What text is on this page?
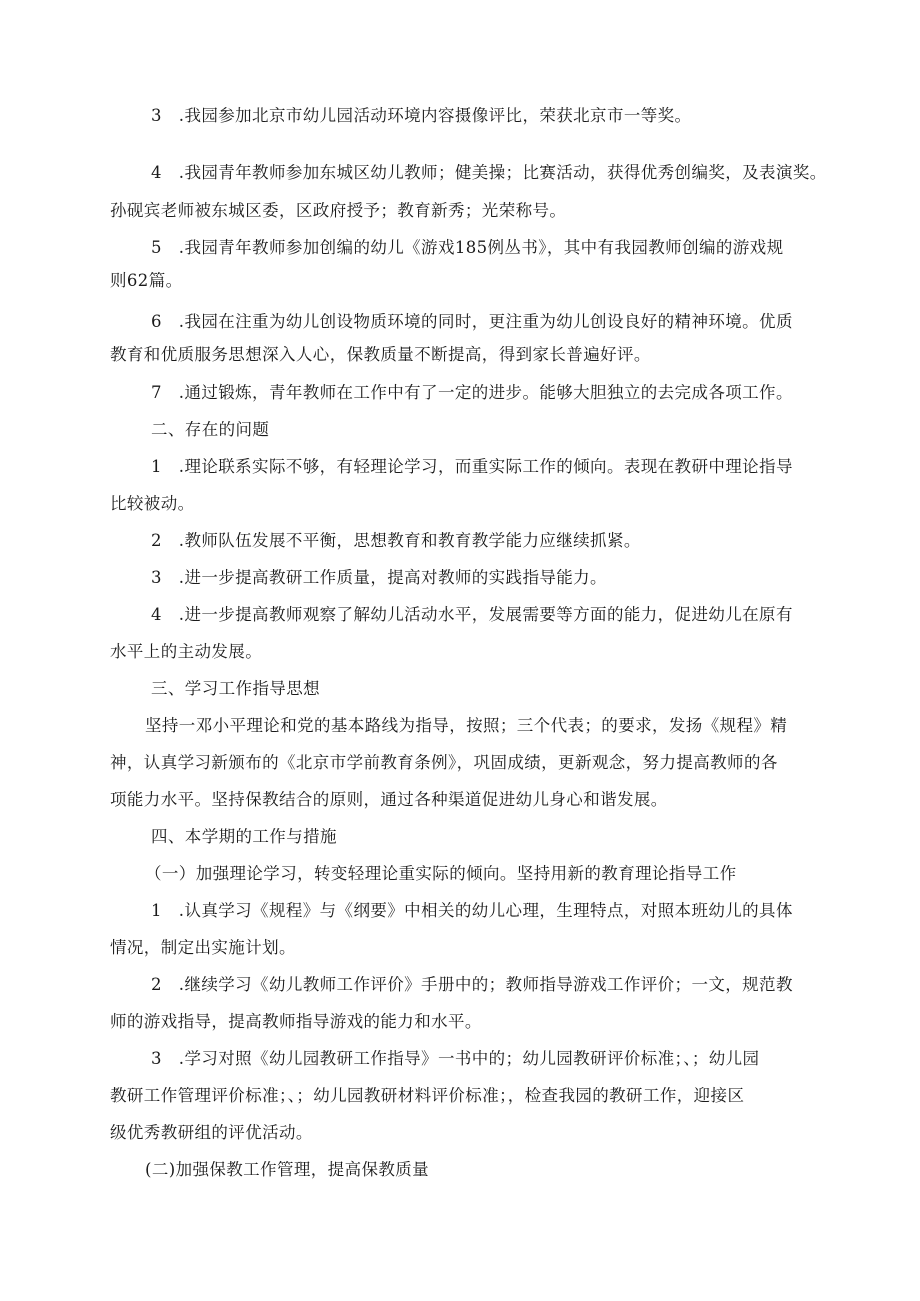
3　.我园参加北京市幼儿园活动环境内容摄像评比，荣获北京市一等奖。
4　.我园青年教师参加东城区幼儿教师；健美操；比赛活动，获得优秀创编奖，及表演奖。
孙砚宾老师被东城区委，区政府授予；教育新秀；光荣称号。
5　.我园青年教师参加创编的幼儿《游戏185例丛书》，其中有我园教师创编的游戏规
则62篇。
6　.我园在注重为幼儿创设物质环境的同时，更注重为幼儿创设良好的精神环境。优质
教育和优质服务思想深入人心，保教质量不断提高，得到家长普遍好评。
7　.通过锻炼，青年教师在工作中有了一定的进步。能够大胆独立的去完成各项工作。
二、存在的问题
1　.理论联系实际不够，有轻理论学习，而重实际工作的倾向。表现在教研中理论指导
比较被动。
2　.教师队伍发展不平衡，思想教育和教育教学能力应继续抓紧。
3　.进一步提高教研工作质量，提高对教师的实践指导能力。
4　.进一步提高教师观察了解幼儿活动水平，发展需要等方面的能力，促进幼儿在原有
水平上的主动发展。
三、学习工作指导思想
坚持一邓小平理论和党的基本路线为指导，按照；三个代表；的要求，发扬《规程》精
神，认真学习新颁布的《北京市学前教育条例》，巩固成绩，更新观念，努力提高教师的各
项能力水平。坚持保教结合的原则，通过各种渠道促进幼儿身心和谐发展。
四、本学期的工作与措施
（一）加强理论学习，转变轻理论重实际的倾向。坚持用新的教育理论指导工作
1　.认真学习《规程》与《纲要》中相关的幼儿心理，生理特点，对照本班幼儿的具体
情况，制定出实施计划。
2　.继续学习《幼儿教师工作评价》手册中的；教师指导游戏工作评价；一文，规范教
师的游戏指导，提高教师指导游戏的能力和水平。
3　.学习对照《幼儿园教研工作指导》一书中的；幼儿园教研评价标准；、；幼儿园
教研工作管理评价标准；、；幼儿园教研材料评价标准；，检查我园的教研工作，迎接区
级优秀教研组的评优活动。
(二)加强保教工作管理，提高保教质量
